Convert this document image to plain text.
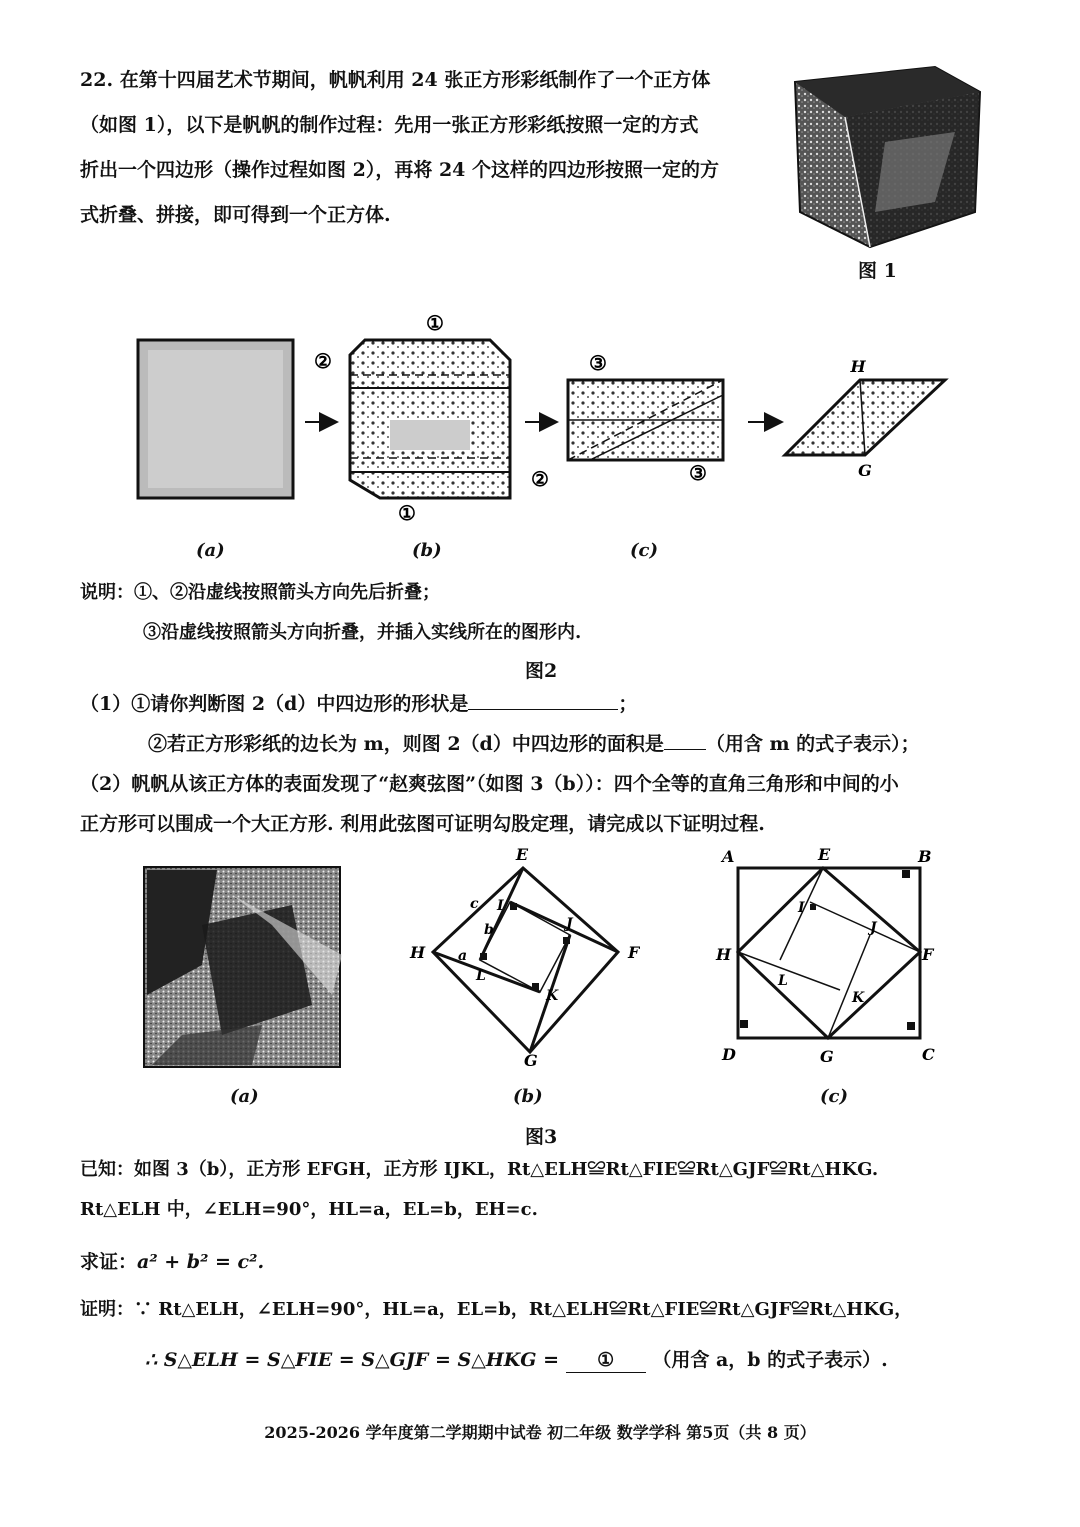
22. 在第十四届艺术节期间，帆帆利用 24 张正方形彩纸制作了一个正方体
（如图 1），以下是帆帆的制作过程：先用一张正方形彩纸按照一定的方式
折出一个四边形（操作过程如图 2），再将 24 个这样的四边形按照一定的方
式折叠、拼接，即可得到一个正方体.
图 1
①
②
②
①
③
③
H
G
(a)	(b)	(c)
说明：①、②沿虚线按照箭头方向先后折叠；
③沿虚线按照箭头方向折叠，并插入实线所在的图形内.
图2
（1）①请你判断图 2（d）中四边形的形状是	；
②若正方形彩纸的边长为 m，则图 2（d）中四边形的面积是 （用含 m 的式子表示）；
（2）帆帆从该正方体的表面发现了“赵爽弦图”（如图 3（b））：四个全等的直角三角形和中间的小
正方形可以围成一个大正方形. 利用此弦图可证明勾股定理，请完成以下证明过程.
E
F
G
H
I
J
K
L
c
b
a
A	B
C
D
E
F
G
H
I
J
K
L
(a)	(b)	(c)
图3
已知：如图 3（b），正方形 EFGH，正方形 IJKL，Rt△ELH≌Rt△FIE≌Rt△GJF≌Rt△HKG.
Rt△ELH 中，∠ELH=90°，HL=a，EL=b，EH=c.
求证：a² + b² = c².
证明：∵ Rt△ELH，∠ELH=90°，HL=a，EL=b，Rt△ELH≌Rt△FIE≌Rt△GJF≌Rt△HKG，
∴ S△ELH = S△FIE = S△GJF = S△HKG = ① （用含 a，b 的式子表示）.
2025-2026 学年度第二学期期中试卷 初二年级 数学学科 第5页（共 8 页）
